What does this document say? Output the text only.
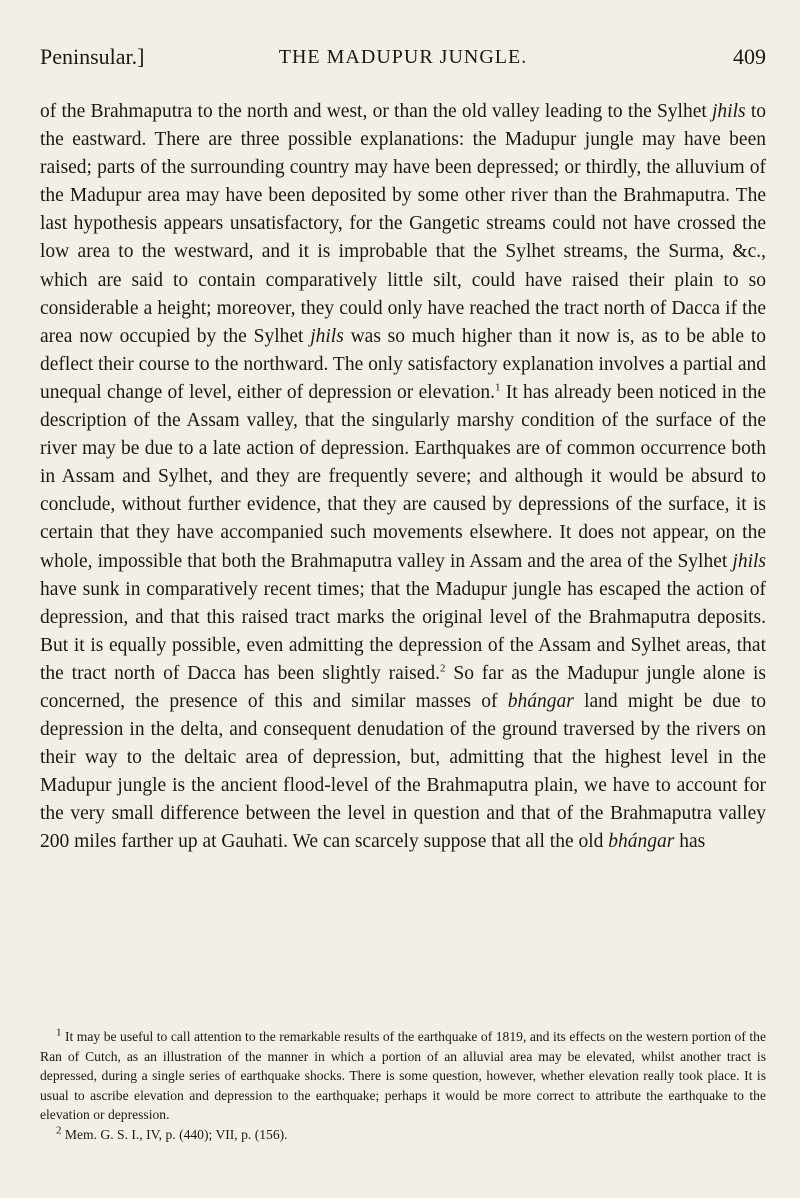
Peninsular.]	THE MADUPUR JUNGLE.	409
of the Brahmaputra to the north and west, or than the old valley leading to the Sylhet jhils to the eastward. There are three possible explanations: the Madupur jungle may have been raised; parts of the surrounding country may have been depressed; or thirdly, the alluvium of the Madupur area may have been deposited by some other river than the Brahmaputra. The last hypothesis appears unsatisfactory, for the Gangetic streams could not have crossed the low area to the westward, and it is improbable that the Sylhet streams, the Surma, &c., which are said to contain comparatively little silt, could have raised their plain to so considerable a height; moreover, they could only have reached the tract north of Dacca if the area now occupied by the Sylhet jhils was so much higher than it now is, as to be able to deflect their course to the northward. The only satisfactory explanation involves a partial and unequal change of level, either of depression or elevation.$^1$ It has already been noticed in the description of the Assam valley, that the singularly marshy condition of the surface of the river may be due to a late action of depression. Earthquakes are of common occurrence both in Assam and Sylhet, and they are frequently severe; and although it would be absurd to conclude, without further evidence, that they are caused by depressions of the surface, it is certain that they have accompanied such movements elsewhere. It does not appear, on the whole, impossible that both the Brahmaputra valley in Assam and the area of the Sylhet jhils have sunk in comparatively recent times; that the Madupur jungle has escaped the action of depression, and that this raised tract marks the original level of the Brahmaputra deposits. But it is equally possible, even admitting the depression of the Assam and Sylhet areas, that the tract north of Dacca has been slightly raised.$^2$ So far as the Madupur jungle alone is concerned, the presence of this and similar masses of bhángar land might be due to depression in the delta, and consequent denudation of the ground traversed by the rivers on their way to the deltaic area of depression, but, admitting that the highest level in the Madupur jungle is the ancient flood-level of the Brahmaputra plain, we have to account for the very small difference between the level in question and that of the Brahmaputra valley 200 miles farther up at Gauhati. We can scarcely suppose that all the old bhángar has

$^1$ It may be useful to call attention to the remarkable results of the earthquake of 1819, and its effects on the western portion of the Ran of Cutch, as an illustration of the manner in which a portion of an alluvial area may be elevated, whilst another tract is depressed, during a single series of earthquake shocks. There is some question, however, whether elevation really took place. It is usual to ascribe elevation and depression to the earthquake; perhaps it would be more correct to attribute the earthquake to the elevation or depression.

$^2$ Mem. G. S. I., IV, p. (440); VII, p. (156).
